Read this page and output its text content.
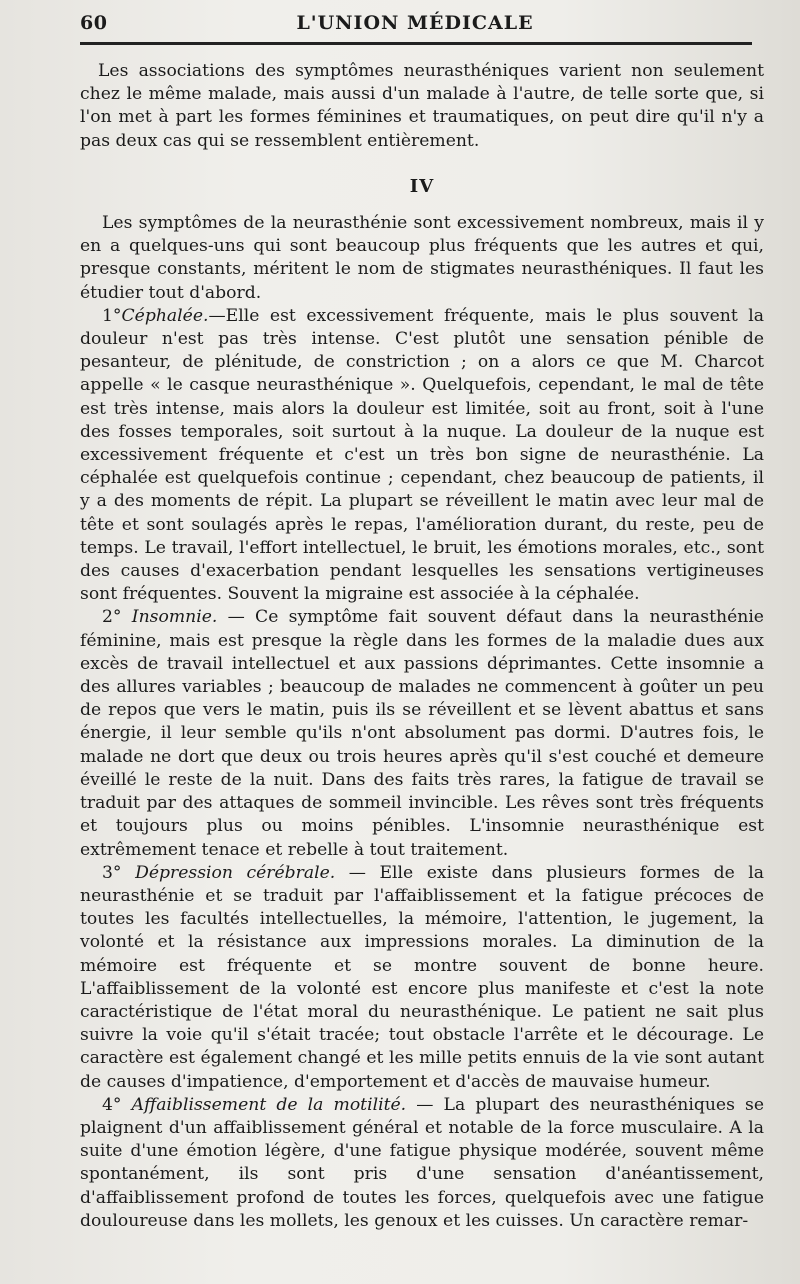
60	L'UNION MÉDICALE

Les associations des symptômes neurasthéniques varient non seulement chez le même malade, mais aussi d'un malade à l'autre, de telle sorte que, si l'on met à part les formes féminines et traumatiques, on peut dire qu'il n'y a pas deux cas qui se ressemblent entièrement.

IV

Les symptômes de la neurasthénie sont excessivement nombreux, mais il y en a quelques-uns qui sont beaucoup plus fréquents que les autres et qui, presque constants, méritent le nom de stigmates neurasthéniques. Il faut les étudier tout d'abord.

1°Céphalée.—Elle est excessivement fréquente, mais le plus souvent la douleur n'est pas très intense. C'est plutôt une sensation pénible de pesanteur, de plénitude, de constriction ; on a alors ce que M. Charcot appelle « le casque neurasthénique ». Quelquefois, cependant, le mal de tête est très intense, mais alors la douleur est limitée, soit au front, soit à l'une des fosses temporales, soit surtout à la nuque. La douleur de la nuque est excessivement fréquente et c'est un très bon signe de neurasthénie. La céphalée est quelquefois continue ; cependant, chez beaucoup de patients, il y a des moments de répit. La plupart se réveillent le matin avec leur mal de tête et sont soulagés après le repas, l'amélioration durant, du reste, peu de temps. Le travail, l'effort intellectuel, le bruit, les émotions morales, etc., sont des causes d'exacerbation pendant lesquelles les sensations vertigineuses sont fréquentes. Souvent la migraine est associée à la céphalée.

2° Insomnie. — Ce symptôme fait souvent défaut dans la neurasthénie féminine, mais est presque la règle dans les formes de la maladie dues aux excès de travail intellectuel et aux passions déprimantes. Cette insomnie a des allures variables ; beaucoup de malades ne commencent à goûter un peu de repos que vers le matin, puis ils se réveillent et se lèvent abattus et sans énergie, il leur semble qu'ils n'ont absolument pas dormi. D'autres fois, le malade ne dort que deux ou trois heures après qu'il s'est couché et demeure éveillé le reste de la nuit. Dans des faits très rares, la fatigue de travail se traduit par des attaques de sommeil invincible. Les rêves sont très fréquents et toujours plus ou moins pénibles. L'insomnie neurasthénique est extrêmement tenace et rebelle à tout traitement.

3° Dépression cérébrale. — Elle existe dans plusieurs formes de la neurasthénie et se traduit par l'affaiblissement et la fatigue précoces de toutes les facultés intellectuelles, la mémoire, l'attention, le jugement, la volonté et la résistance aux impressions morales. La diminution de la mémoire est fréquente et se montre souvent de bonne heure. L'affaiblissement de la volonté est encore plus manifeste et c'est la note caractéristique de l'état moral du neurasthénique. Le patient ne sait plus suivre la voie qu'il s'était tracée; tout obstacle l'arrête et le décourage. Le caractère est également changé et les mille petits ennuis de la vie sont autant de causes d'impatience, d'emportement et d'accès de mauvaise humeur.

4° Affaiblissement de la motilité. — La plupart des neurasthéniques se plaignent d'un affaiblissement général et notable de la force musculaire. A la suite d'une émotion légère, d'une fatigue physique modérée, souvent même spontanément, ils sont pris d'une sensation d'anéantissement, d'affaiblissement profond de toutes les forces, quelquefois avec une fatigue douloureuse dans les mollets, les genoux et les cuisses. Un caractère remar-
